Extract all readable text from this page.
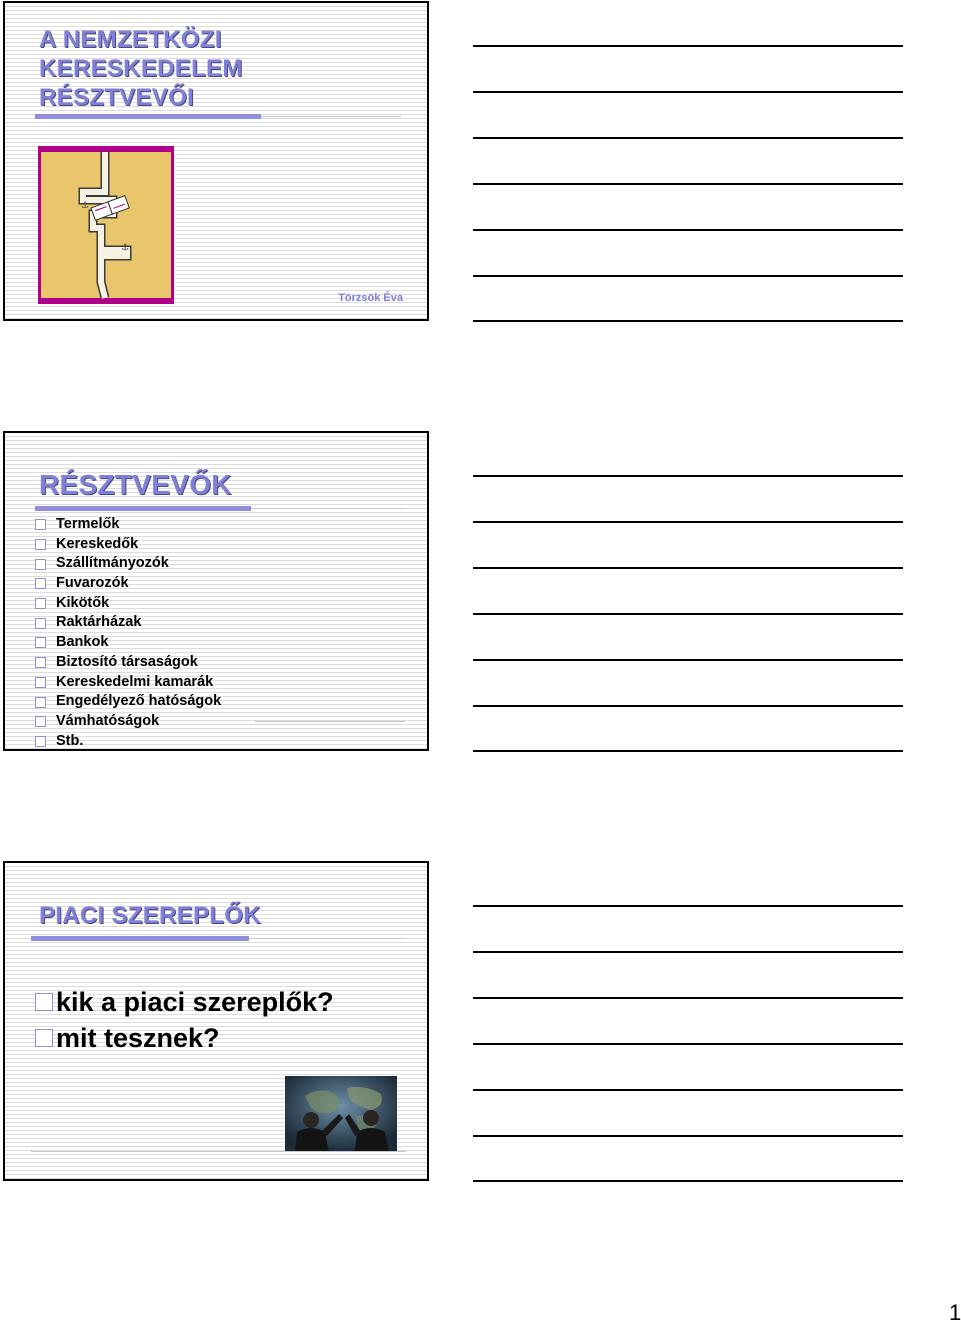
A NEMZETKÖZI
KERESKEDELEM
RÉSZTVEVŐI
⚓
⚓
Törzsök Éva
RÉSZTVEVŐK
Termelők
Kereskedők
Szállítmányozók
Fuvarozók
Kikötők
Raktárházak
Bankok
Biztosító társaságok
Kereskedelmi kamarák
Engedélyező hatóságok
Vámhatóságok
Stb.
PIACI SZEREPLŐK
kik a piaci szereplők?
mit tesznek?
1
